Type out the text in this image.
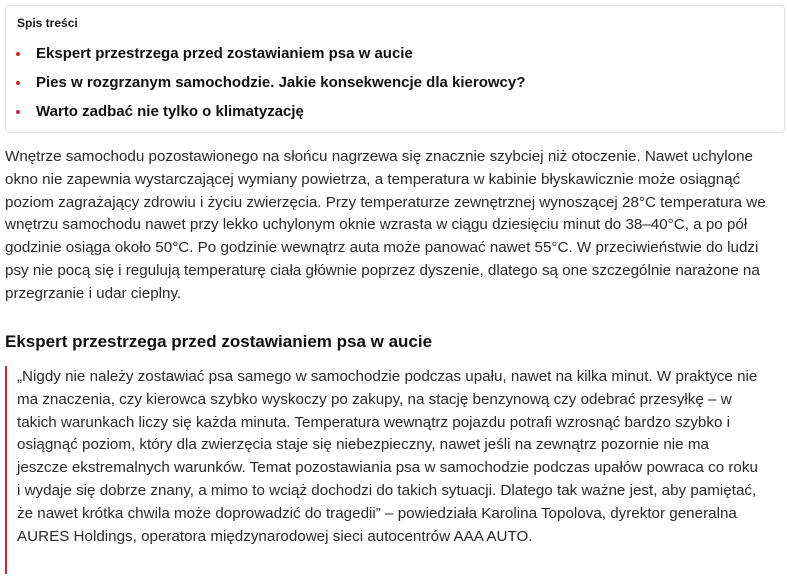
Spis treści

Ekspert przestrzega przed zostawianiem psa w aucie
Pies w rozgrzanym samochodzie. Jakie konsekwencje dla kierowcy?
Warto zadbać nie tylko o klimatyzację

Wnętrze samochodu pozostawionego na słońcu nagrzewa się znacznie szybciej niż otoczenie. Nawet uchylone okno nie zapewnia wystarczającej wymiany powietrza, a temperatura w kabinie błyskawicznie może osiągnąć poziom zagrażający zdrowiu i życiu zwierzęcia. Przy temperaturze zewnętrznej wynoszącej 28°C temperatura we wnętrzu samochodu nawet przy lekko uchylonym oknie wzrasta w ciągu dziesięciu minut do 38–40°C, a po pół godzinie osiąga około 50°C. Po godzinie wewnątrz auta może panować nawet 55°C. W przeciwieństwie do ludzi psy nie pocą się i regulują temperaturę ciała głównie poprzez dyszenie, dlatego są one szczególnie narażone na przegrzanie i udar cieplny.

Ekspert przestrzega przed zostawianiem psa w aucie

„Nigdy nie należy zostawiać psa samego w samochodzie podczas upału, nawet na kilka minut. W praktyce nie ma znaczenia, czy kierowca szybko wyskoczy po zakupy, na stację benzynową czy odebrać przesyłkę – w takich warunkach liczy się każda minuta. Temperatura wewnątrz pojazdu potrafi wzrosnąć bardzo szybko i osiągnąć poziom, który dla zwierzęcia staje się niebezpieczny, nawet jeśli na zewnątrz pozornie nie ma jeszcze ekstremalnych warunków. Temat pozostawiania psa w samochodzie podczas upałów powraca co roku i wydaje się dobrze znany, a mimo to wciąż dochodzi do takich sytuacji. Dlatego tak ważne jest, aby pamiętać, że nawet krótka chwila może doprowadzić do tragedii” – powiedziała Karolina Topolova, dyrektor generalna AURES Holdings, operatora międzynarodowej sieci autocentrów AAA AUTO.
